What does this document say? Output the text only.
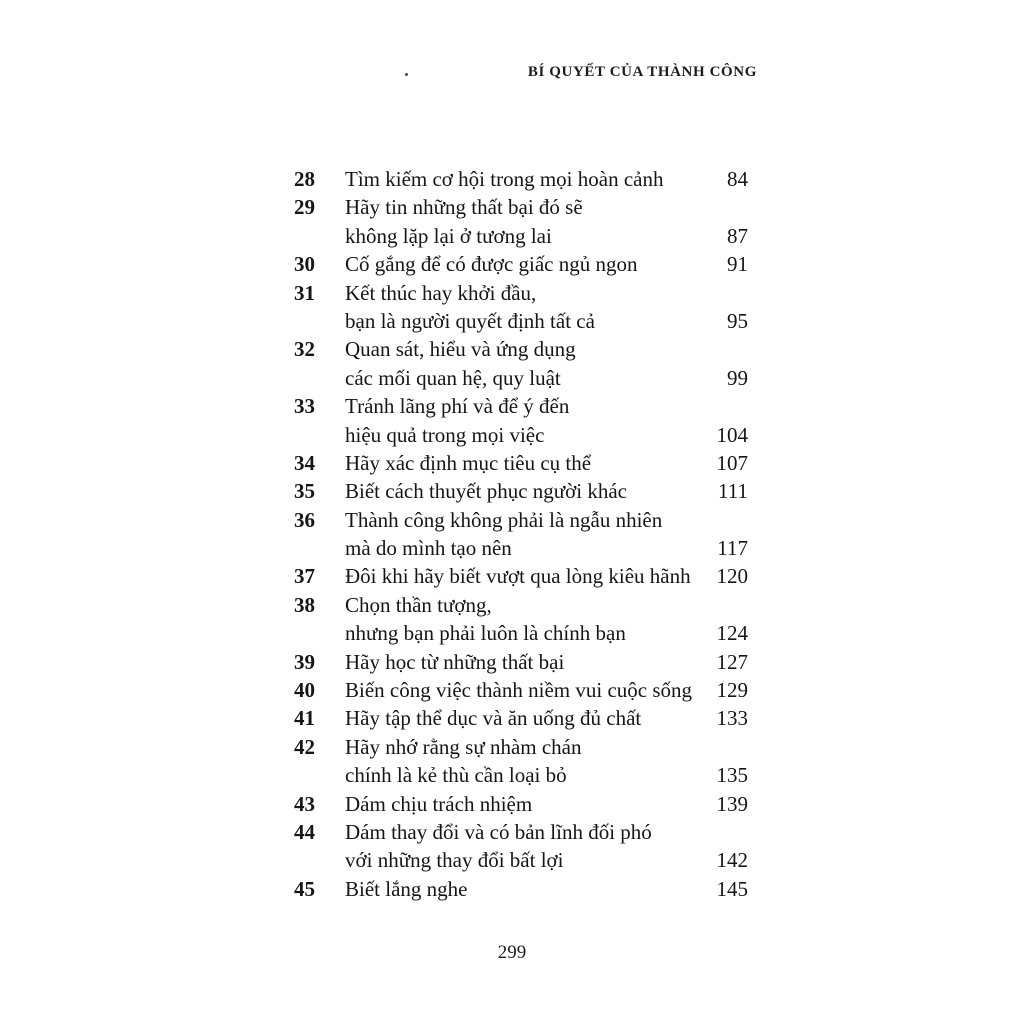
BÍ QUYẾT CỦA THÀNH CÔNG
28	Tìm kiếm cơ hội trong mọi hoàn cảnh	84
29	Hãy tin những thất bại đó sẽ
không lặp lại ở tương lai	87
30	Cố gắng để có được giấc ngủ ngon	91
31	Kết thúc hay khởi đầu,
bạn là người quyết định tất cả	95
32	Quan sát, hiểu và ứng dụng
các mối quan hệ, quy luật	99
33	Tránh lãng phí và để ý đến
hiệu quả trong mọi việc	104
34	Hãy xác định mục tiêu cụ thể	107
35	Biết cách thuyết phục người khác	111
36	Thành công không phải là ngẫu nhiên
mà do mình tạo nên	117
37	Đôi khi hãy biết vượt qua lòng kiêu hãnh	120
38	Chọn thần tượng,
nhưng bạn phải luôn là chính bạn	124
39	Hãy học từ những thất bại	127
40	Biến công việc thành niềm vui cuộc sống	129
41	Hãy tập thể dục và ăn uống đủ chất	133
42	Hãy nhớ rằng sự nhàm chán
chính là kẻ thù cần loại bỏ	135
43	Dám chịu trách nhiệm	139
44	Dám thay đổi và có bản lĩnh đối phó
với những thay đổi bất lợi	142
45	Biết lắng nghe	145
299
